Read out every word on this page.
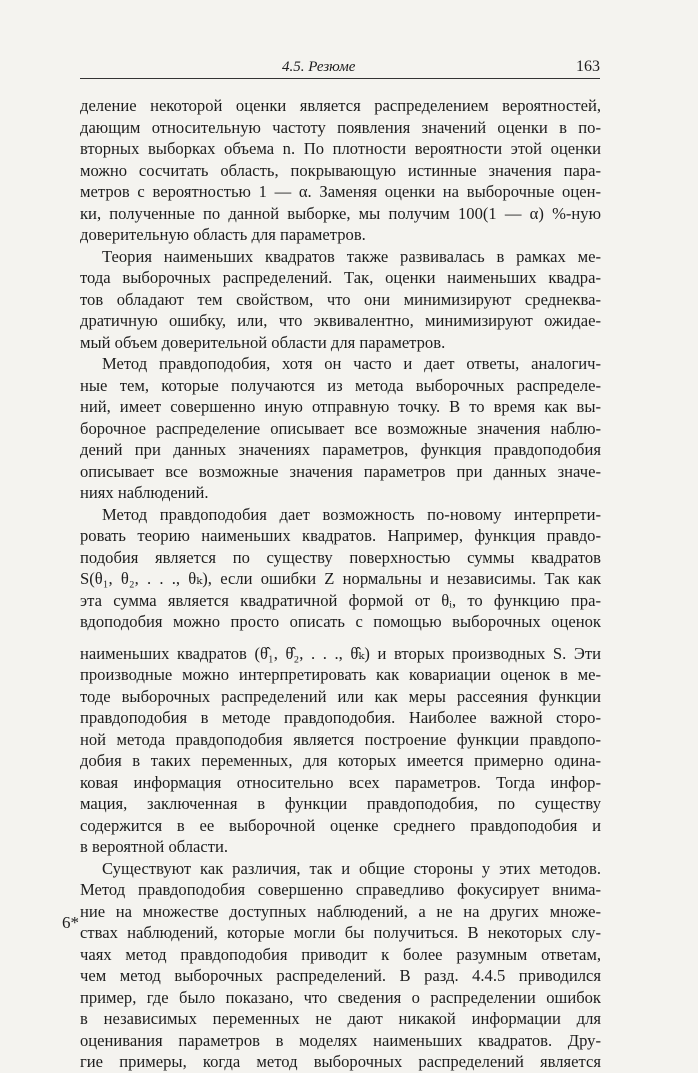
4.5. Резюме	163
деление некоторой оценки является распределением вероятностей,
дающим относительную частоту появления значений оценки в по-
вторных выборках объема n. По плотности вероятности этой оценки
можно сосчитать область, покрывающую истинные значения пара-
метров с вероятностью 1 — α. Заменяя оценки на выборочные оцен-
ки, полученные по данной выборке, мы получим 100(1 — α) %-ную
доверительную область для параметров.
Теория наименьших квадратов также развивалась в рамках ме-
тода выборочных распределений. Так, оценки наименьших квадра-
тов обладают тем свойством, что они минимизируют среднеква-
дратичную ошибку, или, что эквивалентно, минимизируют ожидае-
мый объем доверительной области для параметров.
Метод правдоподобия, хотя он часто и дает ответы, аналогич-
ные тем, которые получаются из метода выборочных распределе-
ний, имеет совершенно иную отправную точку. В то время как вы-
борочное распределение описывает все возможные значения наблю-
дений при данных значениях параметров, функция правдоподобия
описывает все возможные значения параметров при данных значе-
ниях наблюдений.
Метод правдоподобия дает возможность по-новому интерпрети-
ровать теорию наименьших квадратов. Например, функция правдо-
подобия является по существу поверхностью суммы квадратов
S(θ₁, θ₂, . . ., θₖ), если ошибки Z нормальны и независимы. Так как
эта сумма является квадратичной формой от θᵢ, то функцию пра-
вдоподобия можно просто описать с помощью выборочных оценок
наименьших квадратов (θ̂₁, θ̂₂, . . ., θ̂ₖ) и вторых производных S. Эти
производные можно интерпретировать как ковариации оценок в ме-
тоде выборочных распределений или как меры рассеяния функции
правдоподобия в методе правдоподобия. Наиболее важной сторо-
ной метода правдоподобия является построение функции правдопо-
добия в таких переменных, для которых имеется примерно одина-
ковая информация относительно всех параметров. Тогда инфор-
мация, заключенная в функции правдоподобия, по существу
содержится в ее выборочной оценке среднего правдоподобия и
в вероятной области.
Существуют как различия, так и общие стороны у этих методов.
Метод правдоподобия совершенно справедливо фокусирует внима-
ние на множестве доступных наблюдений, а не на других множе-
ствах наблюдений, которые могли бы получиться. В некоторых слу-
чаях метод правдоподобия приводит к более разумным ответам,
чем метод выборочных распределений. В разд. 4.4.5 приводился
пример, где было показано, что сведения о распределении ошибок
в независимых переменных не дают никакой информации для
оценивания параметров в моделях наименьших квадратов. Дру-
гие примеры, когда метод выборочных распределений является
6*
